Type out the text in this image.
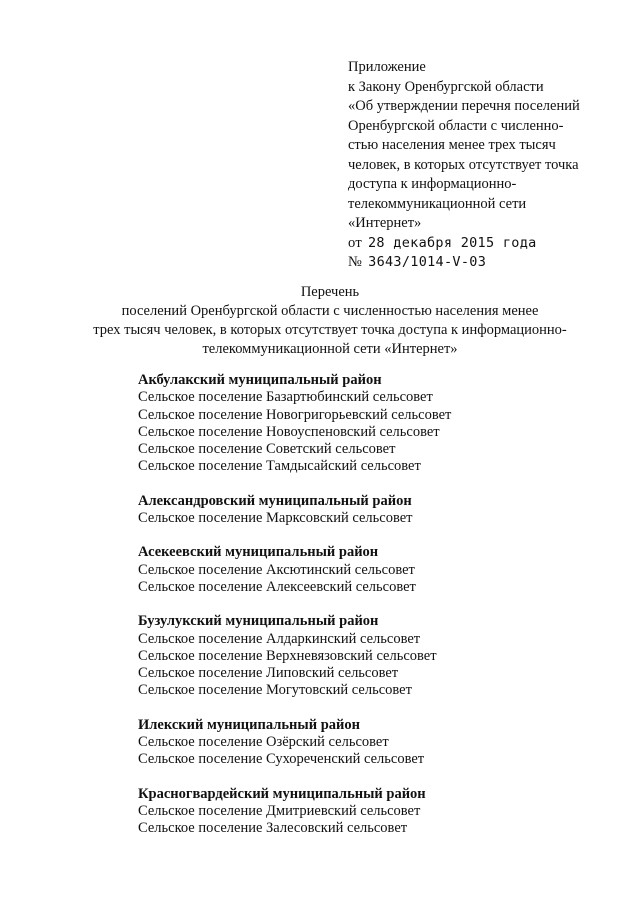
Приложение
к Закону Оренбургской области
«Об утверждении перечня поселений
Оренбургской области с численно-
стью населения менее трех тысяч
человек, в которых отсутствует точка
доступа к информационно-
телекоммуникационной сети
«Интернет»
от 28 декабря 2015 года
№ 3643/1014-V-03
Перечень
поселений Оренбургской области с численностью населения менее
трех тысяч человек, в которых отсутствует точка доступа к информационно-
телекоммуникационной сети «Интернет»
Акбулакский муниципальный район
Сельское поселение Базартюбинский сельсовет
Сельское поселение Новогригорьевский сельсовет
Сельское поселение Новоуспеновский сельсовет
Сельское поселение Советский сельсовет
Сельское поселение Тамдысайский сельсовет
Александровский муниципальный район
Сельское поселение Марксовский сельсовет
Асекеевский муниципальный район
Сельское поселение Аксютинский сельсовет
Сельское поселение Алексеевский сельсовет
Бузулукский муниципальный район
Сельское поселение Алдаркинский сельсовет
Сельское поселение Верхневязовский сельсовет
Сельское поселение Липовский сельсовет
Сельское поселение Могутовский сельсовет
Илекский муниципальный район
Сельское поселение Озёрский сельсовет
Сельское поселение Сухореченский сельсовет
Красногвардейский муниципальный район
Сельское поселение Дмитриевский сельсовет
Сельское поселение Залесовский сельсовет
